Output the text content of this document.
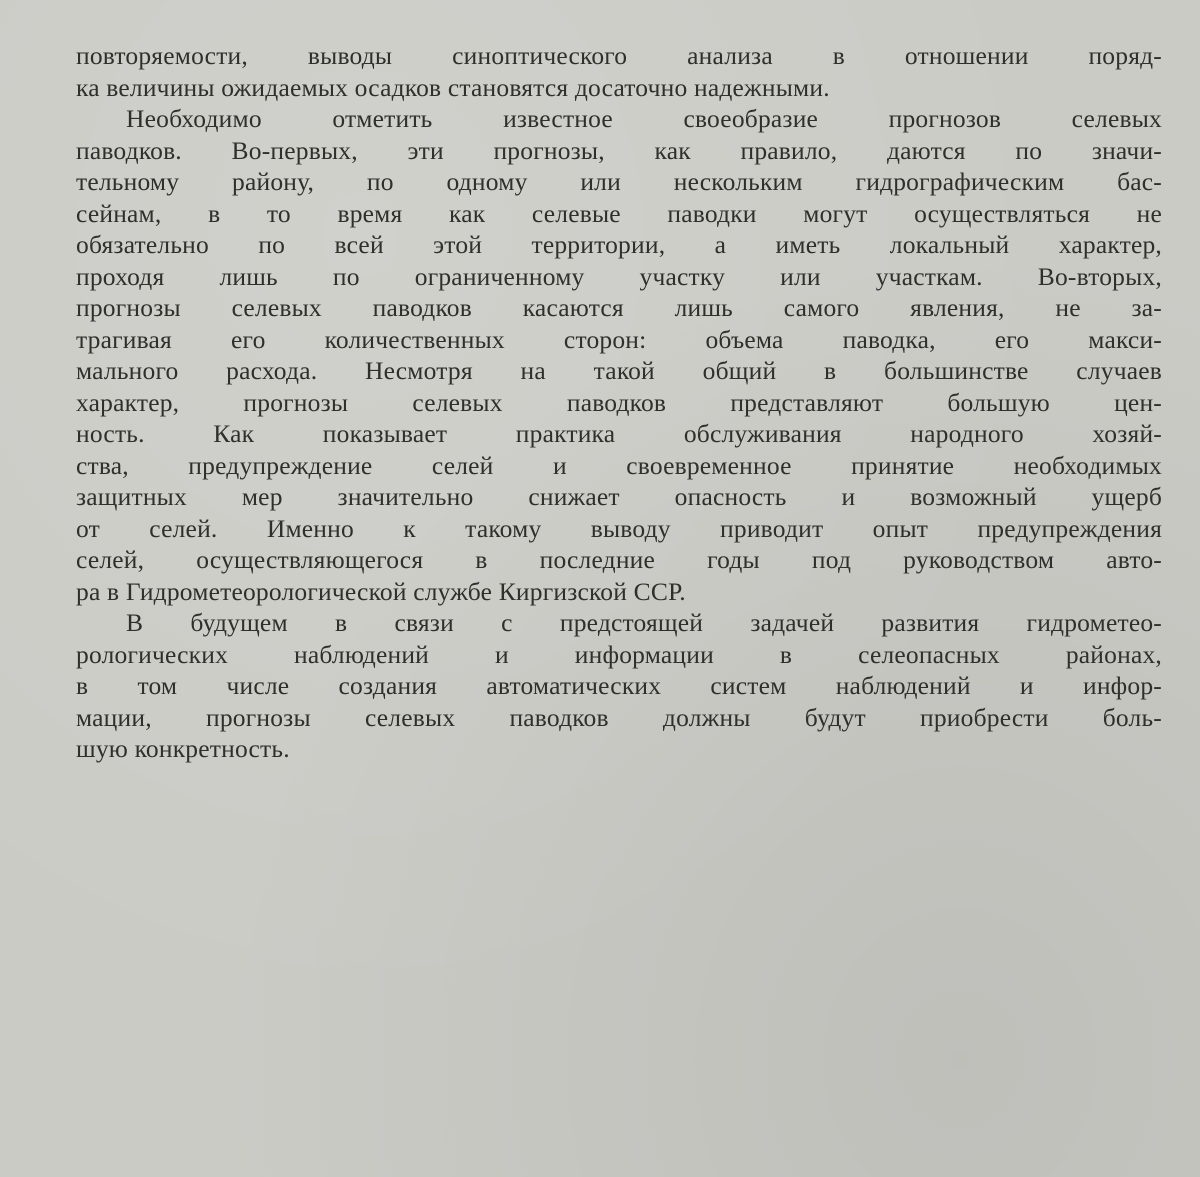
повторяемости, выводы синоптического анализа в отношении поряд-
ка величины ожидаемых осадков становятся досаточно надежными.
Необходимо отметить известное своеобразие прогнозов селевых
паводков. Во-первых, эти прогнозы, как правило, даются по значи-
тельному району, по одному или нескольким гидрографическим бас-
сейнам, в то время как селевые паводки могут осуществляться не
обязательно по всей этой территории, а иметь локальный характер,
проходя лишь по ограниченному участку или участкам. Во-вторых,
прогнозы селевых паводков касаются лишь самого явления, не за-
трагивая его количественных сторон: объема паводка, его макси-
мального расхода. Несмотря на такой общий в большинстве случаев
характер, прогнозы селевых паводков представляют большую цен-
ность. Как показывает практика обслуживания народного хозяй-
ства, предупреждение селей и своевременное принятие необходимых
защитных мер значительно снижает опасность и возможный ущерб
от селей. Именно к такому выводу приводит опыт предупреждения
селей, осуществляющегося в последние годы под руководством авто-
ра в Гидрометеорологической службе Киргизской ССР.
В будущем в связи с предстоящей задачей развития гидрометео-
рологических наблюдений и информации в селеопасных районах,
в том числе создания автоматических систем наблюдений и инфор-
мации, прогнозы селевых паводков должны будут приобрести боль-
шую конкретность.
